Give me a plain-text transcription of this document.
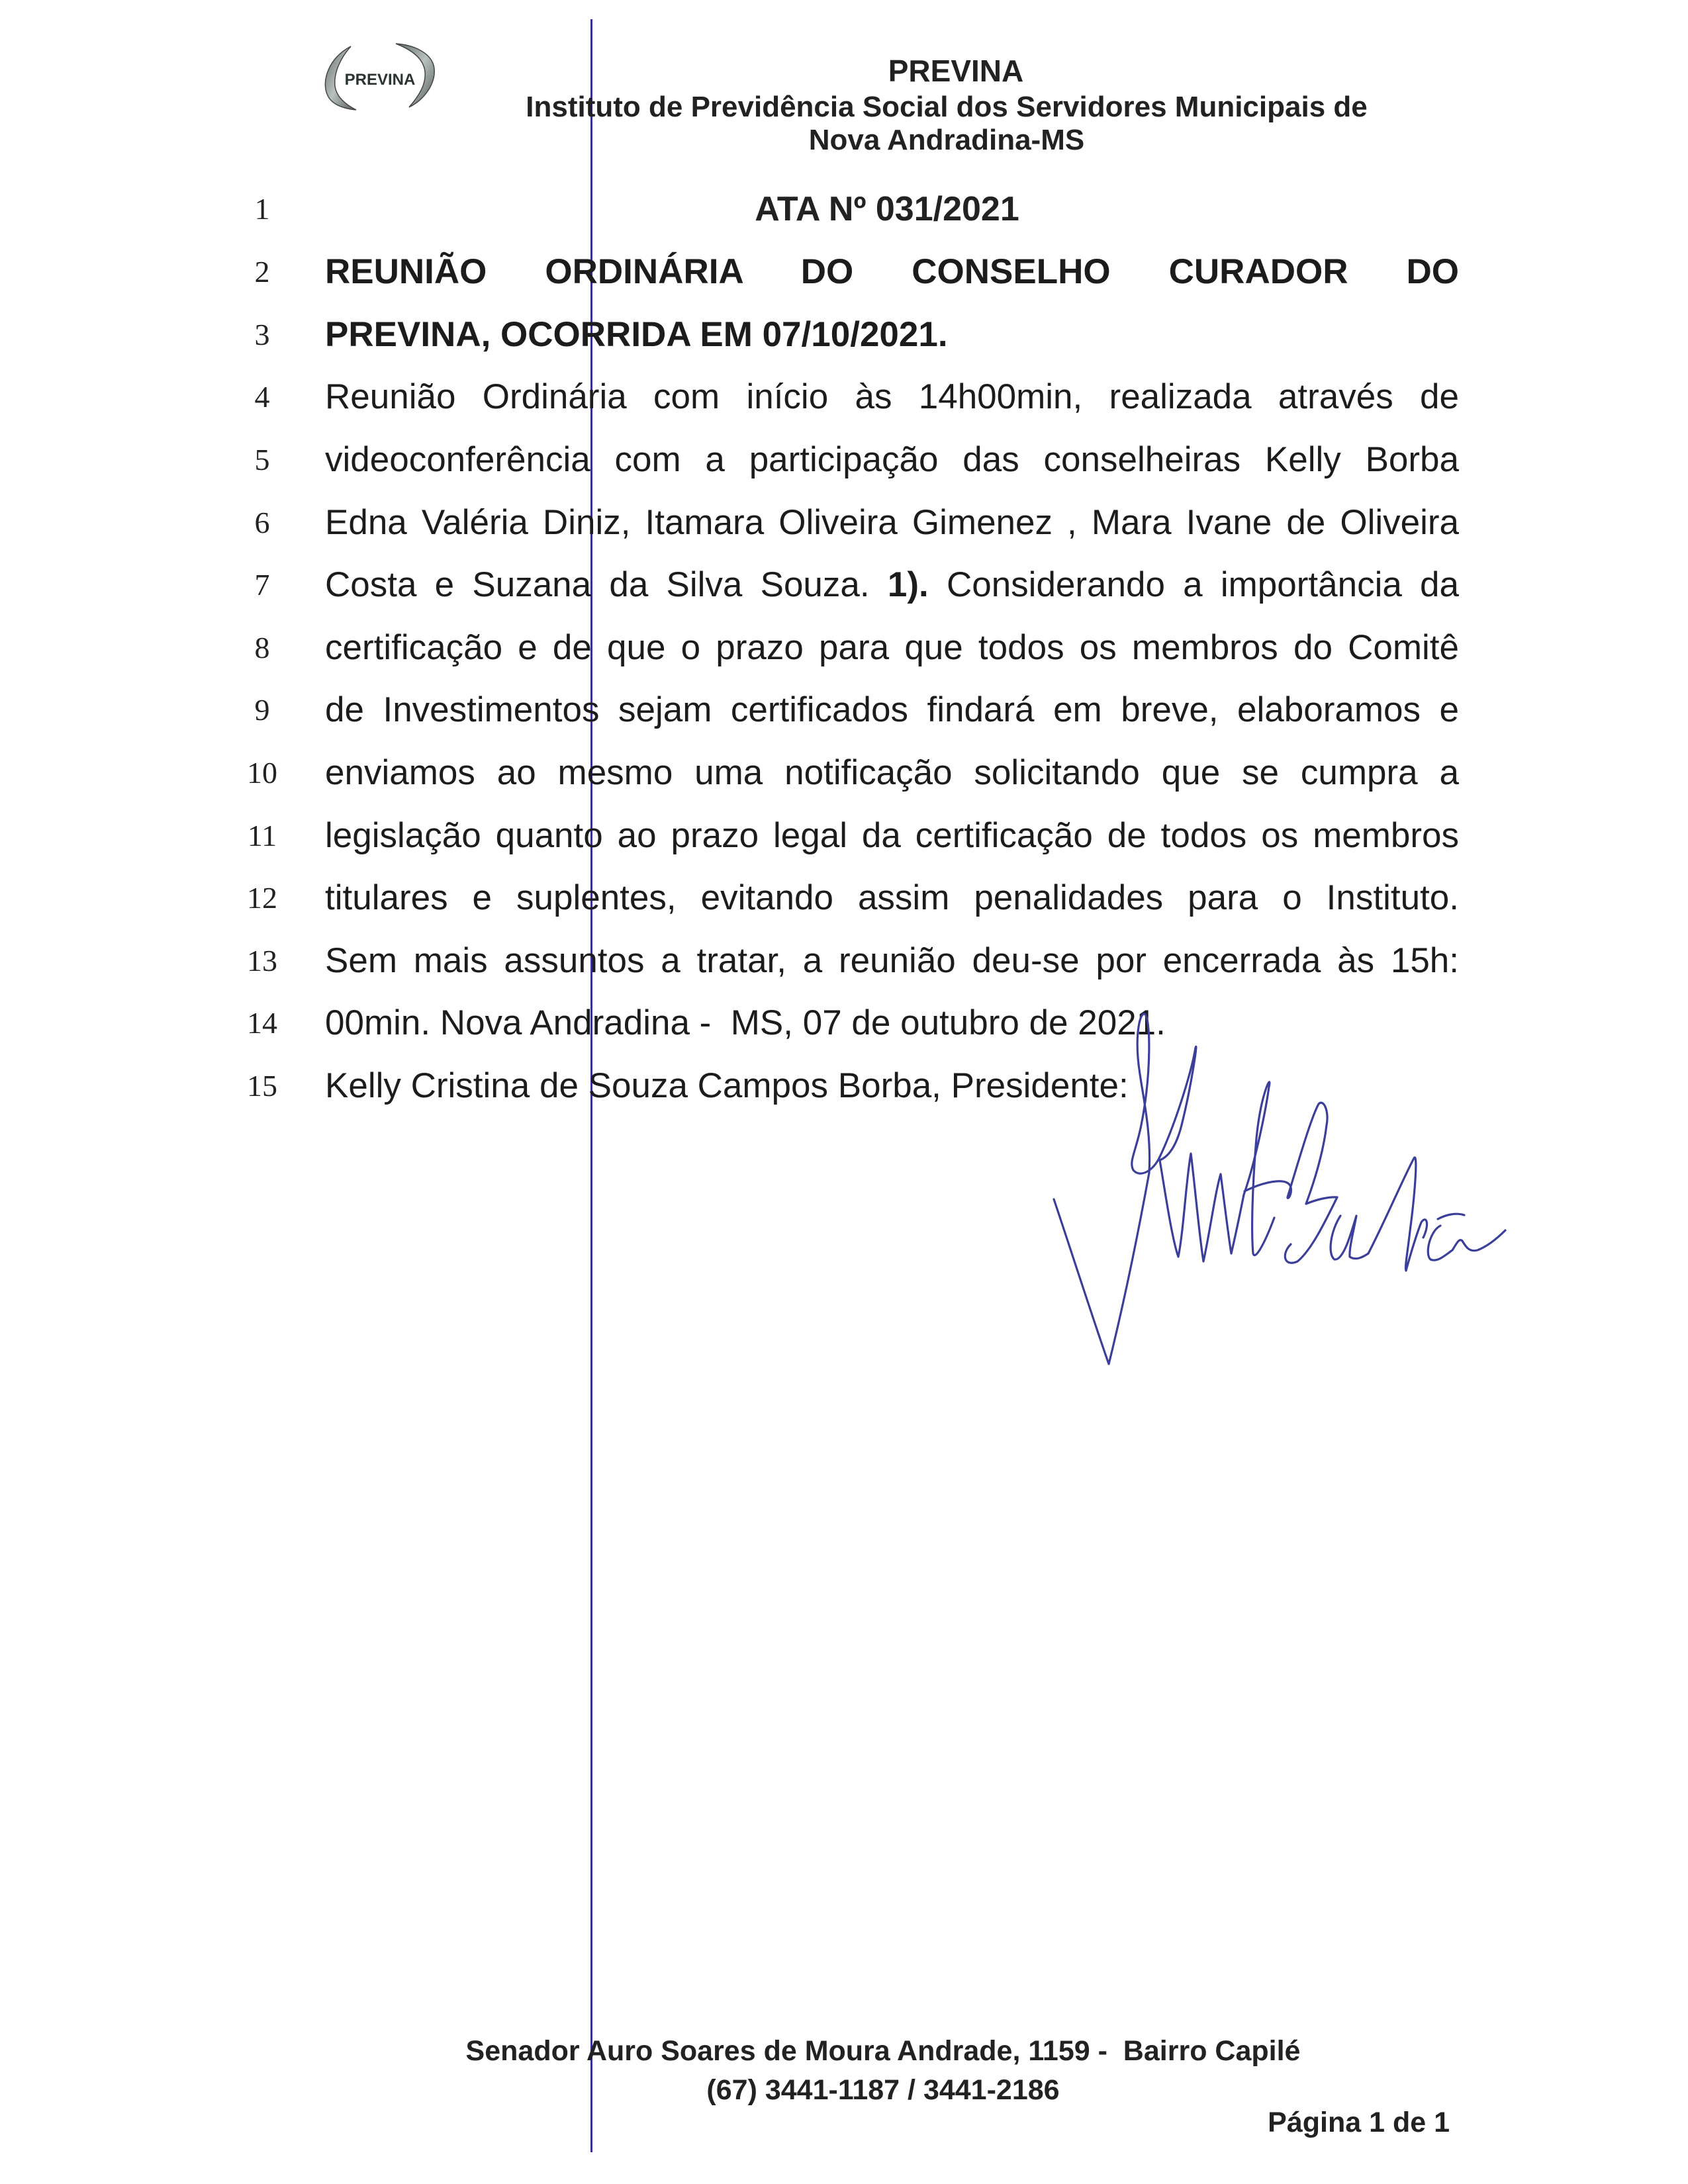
PREVINA	PREVINA
Instituto de Previdência Social dos Servidores Municipais de
Nova Andradina-MS
1
2
3
4
5
6
7
8
9
10
11
12
13
14
15
ATA Nº 031/2021
REUNIÃO ORDINÁRIA DO CONSELHO CURADOR DO
PREVINA, OCORRIDA EM 07/10/2021.
Reunião Ordinária com início às 14h00min, realizada através de
videoconferência com a participação das conselheiras Kelly Borba
Edna Valéria Diniz, Itamara Oliveira Gimenez , Mara Ivane de Oliveira
Costa e Suzana da Silva Souza. 1). Considerando a importância da
certificação e de que o prazo para que todos os membros do Comitê
de Investimentos sejam certificados findará em breve, elaboramos e
enviamos ao mesmo uma notificação solicitando que se cumpra a
legislação quanto ao prazo legal da certificação de todos os membros
titulares e suplentes, evitando assim penalidades para o Instituto.
Sem mais assuntos a tratar, a reunião deu-se por encerrada às 15h:
00min. Nova Andradina -  MS, 07 de outubro de 2021.
Kelly Cristina de Souza Campos Borba, Presidente:
Senador Auro Soares de Moura Andrade, 1159 -  Bairro Capilé
(67) 3441-1187 / 3441-2186
Página 1 de 1
